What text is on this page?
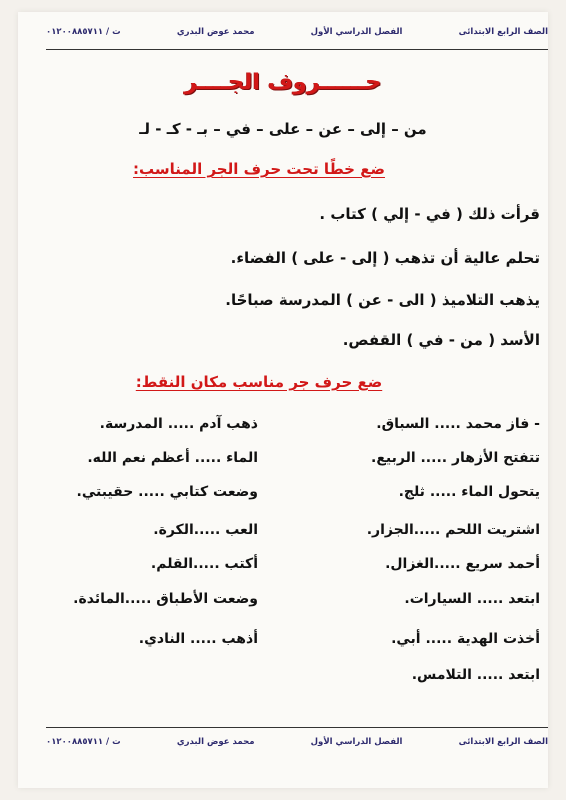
الصف الرابع الابتدائى
الفصل الدراسي الأول
محمد عوض البدري
ت / ٠١٢٠٠٨٨٥٧١١
حــــــروف الجــــر
من – إلى – عن – على – في – بـ - كـ - لـ
ضع خطًا تحت حرف الجر المناسب:
قرأت ذلك ( في - إلي ) كتاب .
تحلم عالية أن تذهب ( إلى - على ) الفضاء.
يذهب التلاميذ ( الى - عن ) المدرسة صباحًا.
الأسد ( من - في ) القفص.
ضع حرف جر مناسب مكان النقط:
- فاز محمد ..... السباق.
ذهب آدم ..... المدرسة.
تتفتح الأزهار ..... الربيع.
الماء ..... أعظم نعم الله.
يتحول الماء ..... ثلج.
وضعت كتابي ..... حقيبتي.
اشتريت اللحم .....الجزار.
العب .....الكرة.
أحمد سريع .....الغزال.
أكتب .....القلم.
ابتعد ..... السيارات.
وضعت الأطباق .....المائدة.
أخذت الهدية ..... أبي.
أذهب ..... النادي.
ابتعد ..... التلامس.
الصف الرابع الابتدائى
الفصل الدراسي الأول
محمد عوض البدري
ت / ٠١٢٠٠٨٨٥٧١١
